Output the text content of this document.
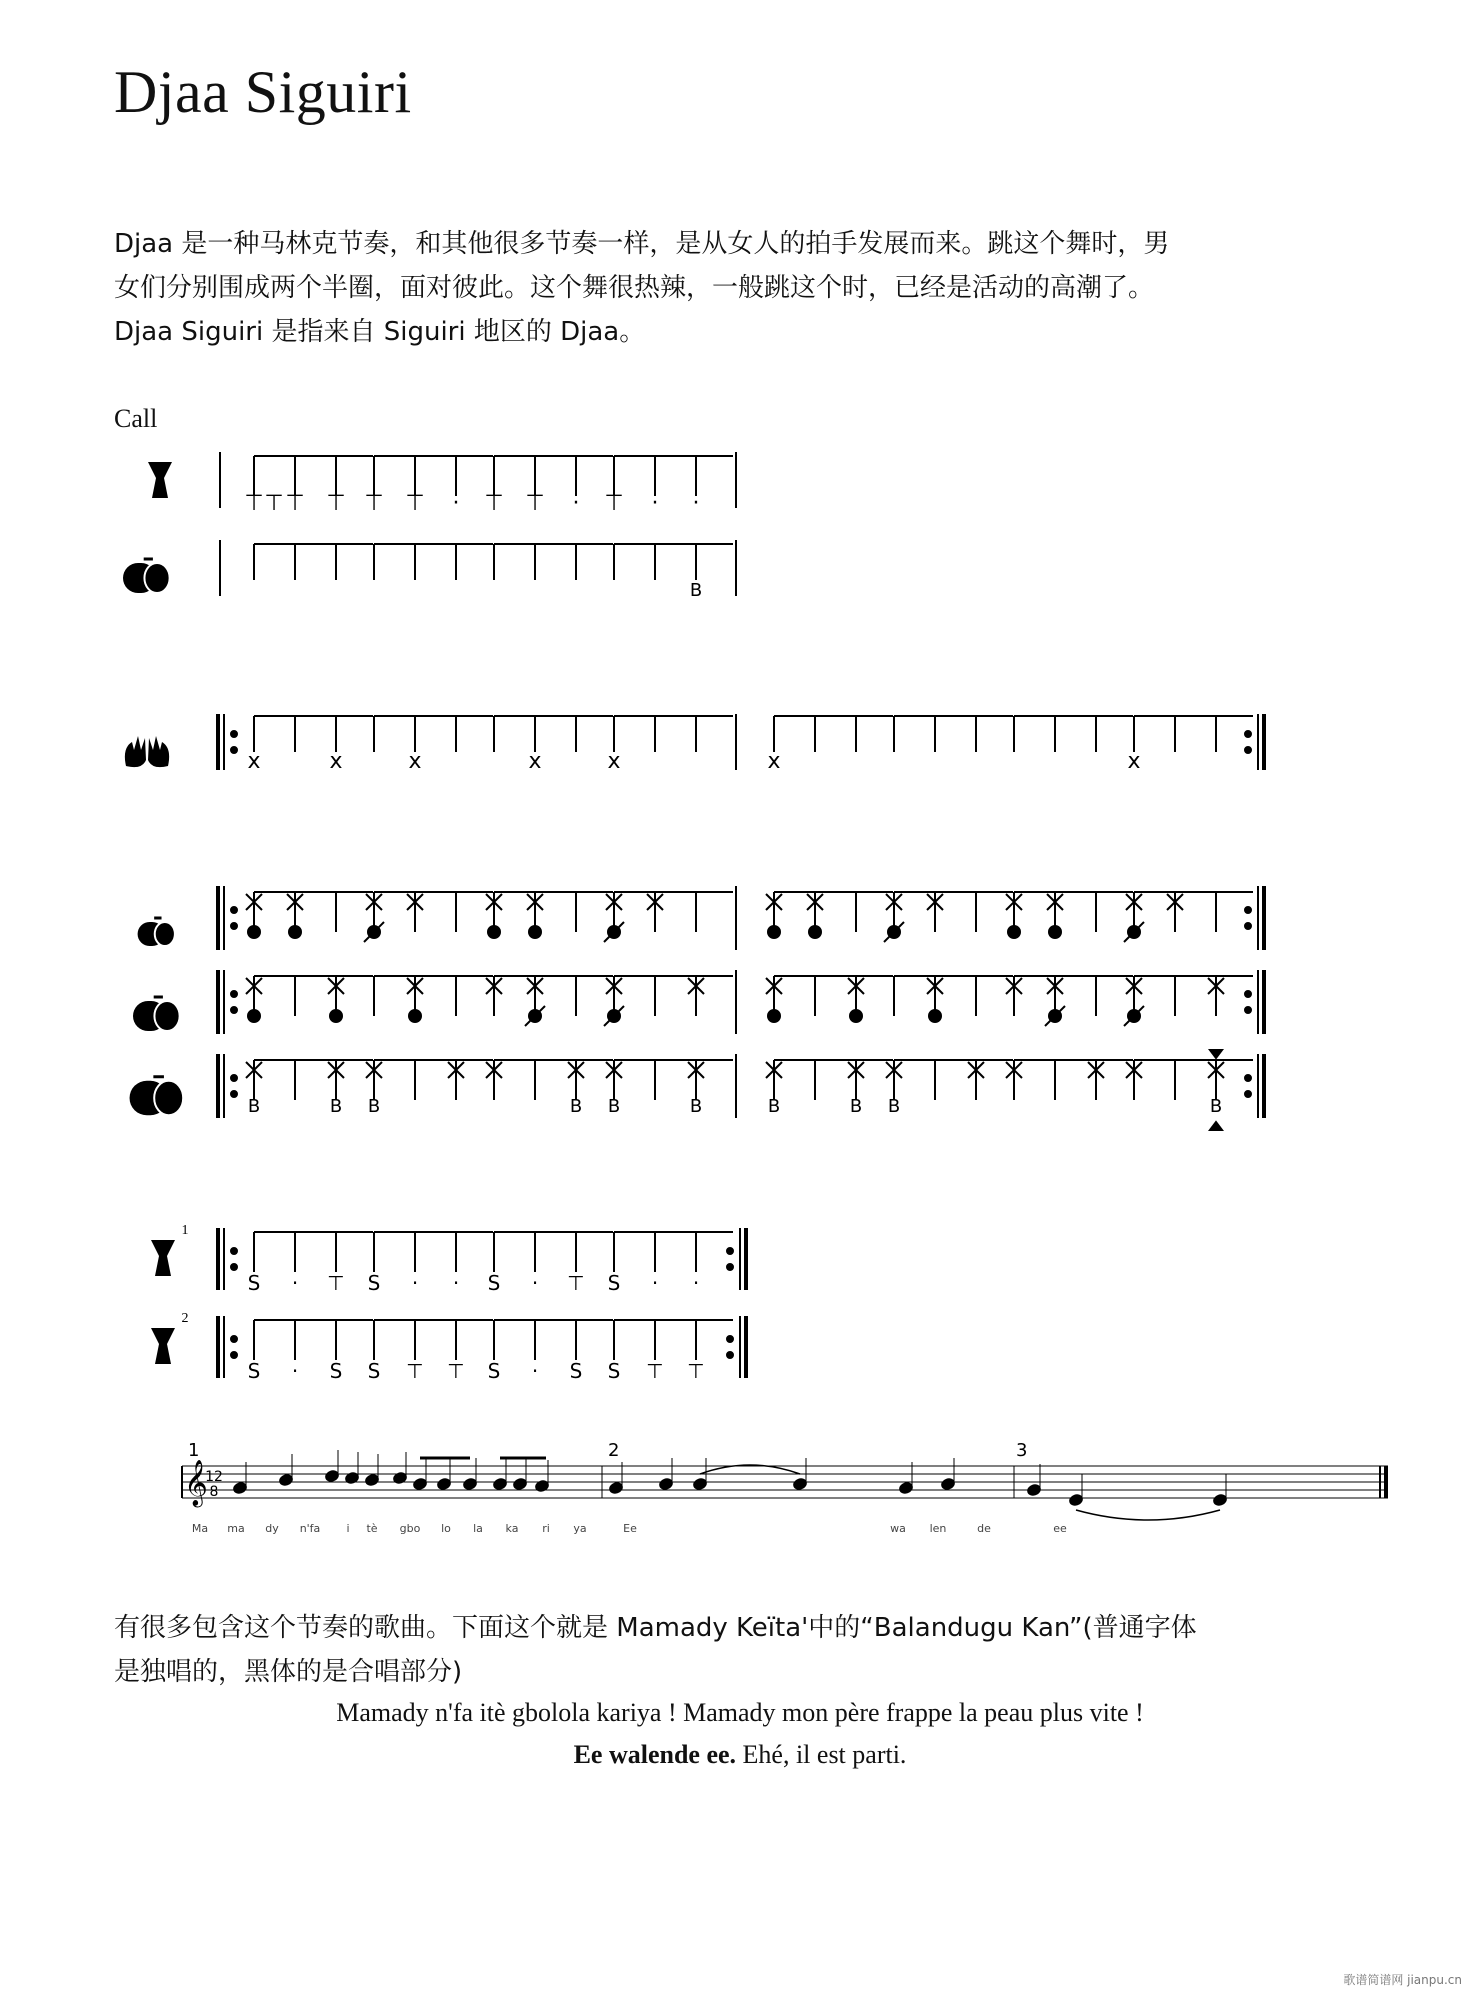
Djaa Siguiri
Djaa 是一种马林克节奏，和其他很多节奏一样，是从女人的拍手发展而来。跳这个舞时，男
女们分别围成两个半圈，面对彼此。这个舞很热辣，一般跳这个时，已经是活动的高潮了。
Djaa Siguiri 是指来自 Siguiri 地区的 Djaa。
Call
1
2
⊤ ⊤ ⊤ ⊤ ⊤ ⊤ · ⊤ ⊤ · ⊤ · ·
B
x	x	x	x	x	x	x
B	B B	B B	B	B	B B	B
S · ⊤ S · · S · ⊤ S · ·
S · S S ⊤ ⊤ S · S S ⊤ ⊤
𝄞
12
8
1	2	3
Ma ma dy n'fa i tè gbo lo la ka ri ya	Ee	wa len	de	ee
有很多包含这个节奏的歌曲。下面这个就是 Mamady Keïta'中的“Balandugu Kan”(普通字体
是独唱的，黑体的是合唱部分)
Mamady n'fa itè gbolola kariya ! Mamady mon père frappe la peau plus vite !
Ee walende ee. Ehé, il est parti.
歌谱简谱网 jianpu.cn
